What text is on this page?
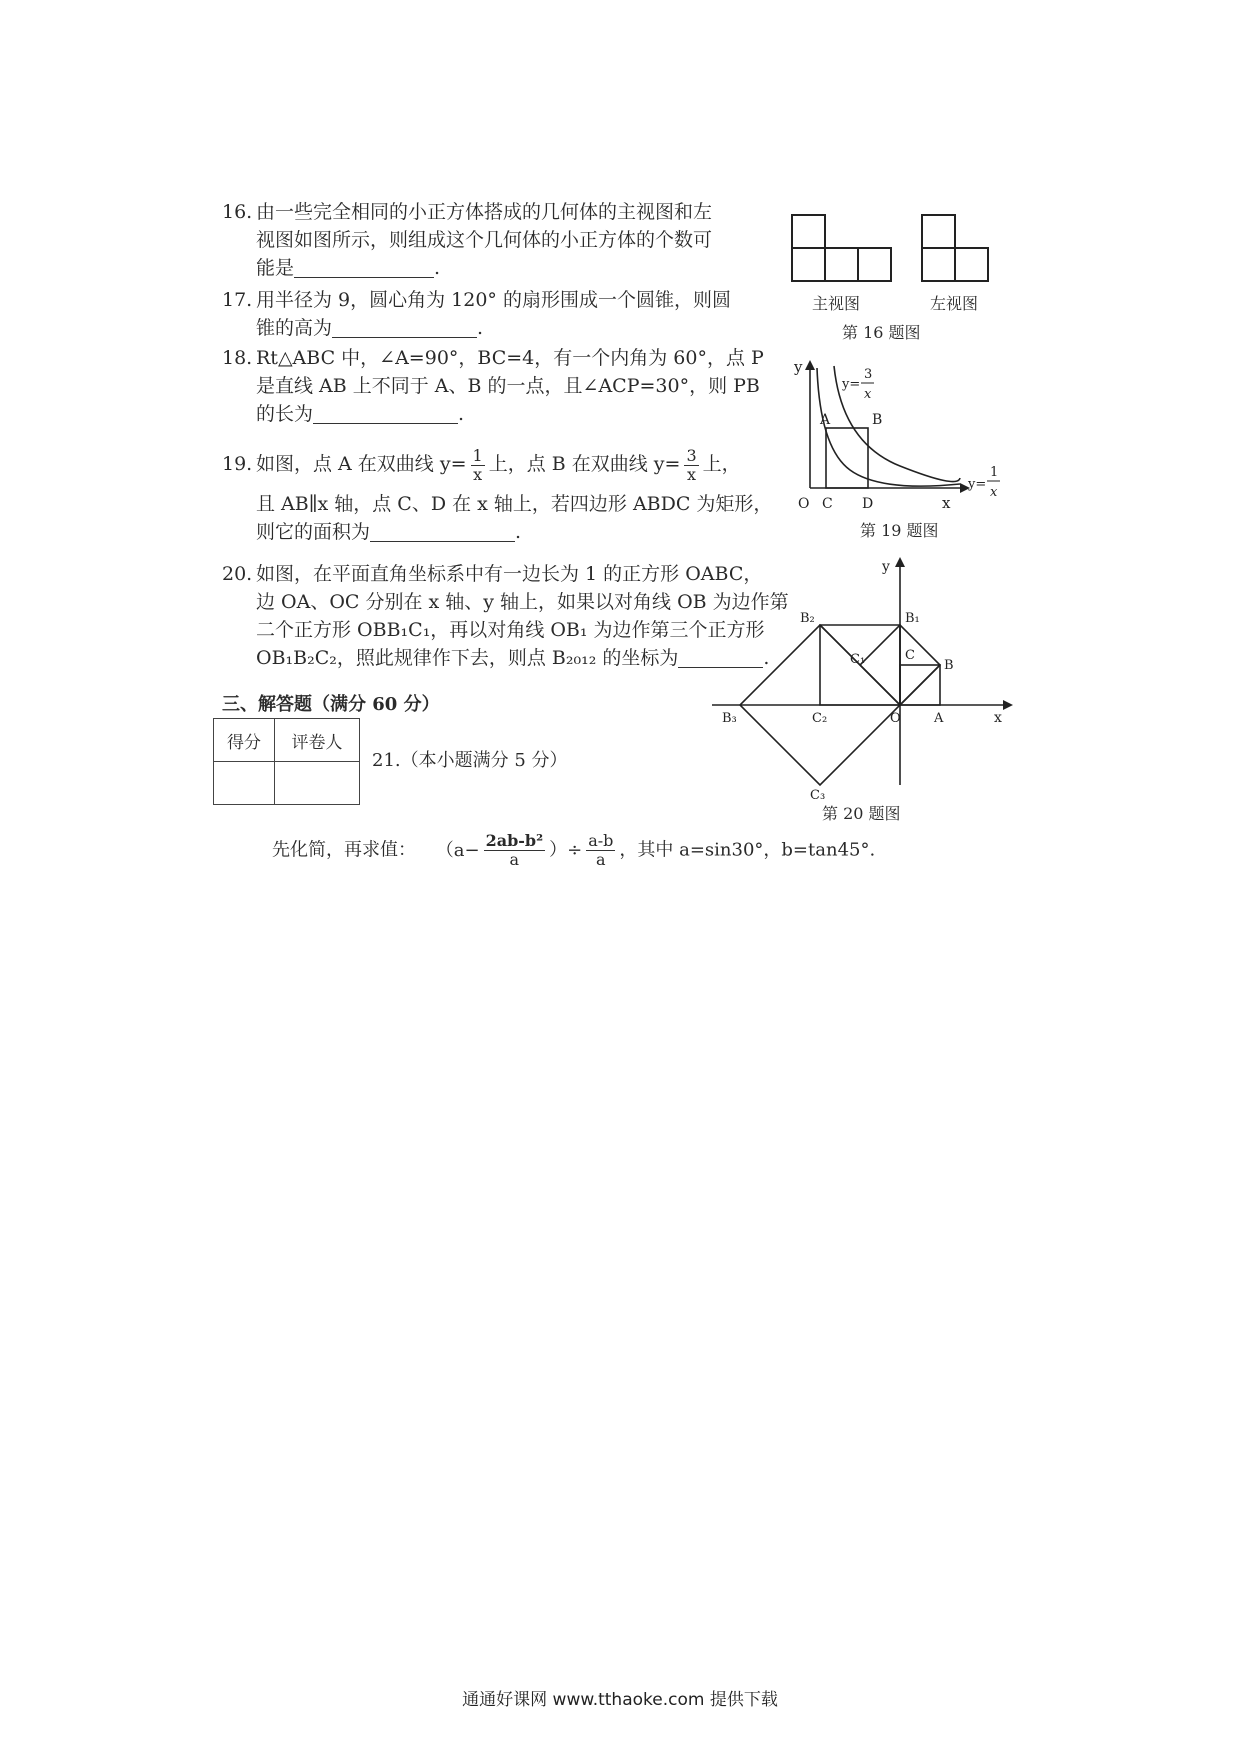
16. 由一些完全相同的小正方体搭成的几何体的主视图和左
视图如图所示，则组成这个几何体的小正方体的个数可
能是	.
17. 用半径为 9，圆心角为 120° 的扇形围成一个圆锥，则圆
锥的高为	.
18. Rt△ABC 中，∠A=90°，BC=4，有一个内角为 60°，点 P
是直线 AB 上不同于 A、B 的一点，且∠ACP=30°，则 PB
的长为	.
19. 如图，点 A 在双曲线 $y= \frac{1}{x}$ 上，点 B 在双曲线 $y= \frac{3}{x}$ 上，
且 AB∥x 轴，点 C、D 在 x 轴上，若四边形 ABDC 为矩形，
则它的面积为	.
20. 如图，在平面直角坐标系中有一边长为 1 的正方形 OABC，
边 OA、OC 分别在 x 轴、y 轴上，如果以对角线 OB 为边作第
二个正方形 OBB₁C₁，再以对角线 OB₁ 为边作第三个正方形
OB₁B₂C₂，照此规律作下去，则点 B₂₀₁₂ 的坐标为	.
主视图	左视图
第 16 题图
y
x
O
A	B
C D
y=
3
x
y=
1
x
第 19 题图
y
x
O	A
B
C
B₁
C₁
B₂
C₂
B₃
C₃
第 20 题图
三、解答题（满分 60 分）
得分	评卷人

21.（本小题满分 5 分）
先化简，再求值： （$a- \frac{\text{2ab-b²}}{a}$ ）÷ $\frac{a-b}{a}$ ，其中 a=sin30°，b=tan45°.
通通好课网 www.tthaoke.com 提供下载
